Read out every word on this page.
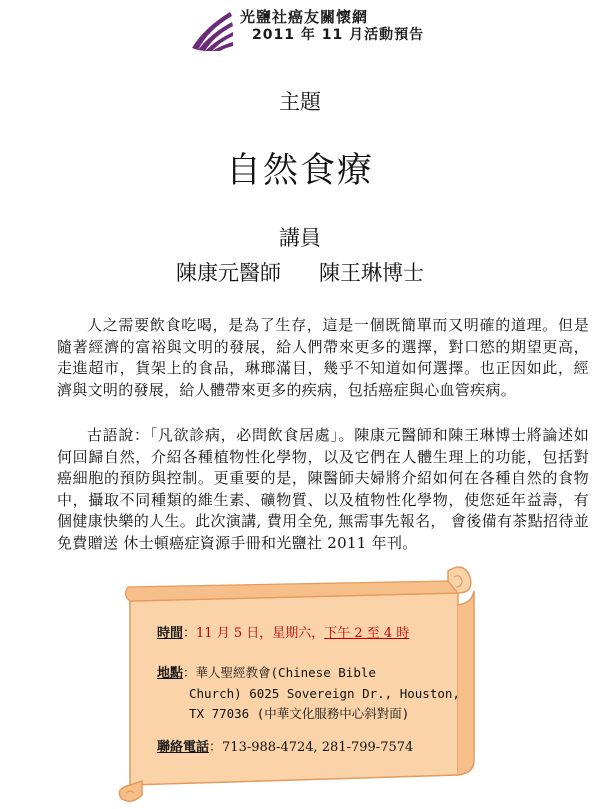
光鹽社癌友關懷網
2011 年 11 月活動預告
主題
自然食療
講員
陳康元醫師 陳王琳博士
人之需要飲食吃喝，是為了生存，這是一個既簡單而又明確的道理。但是隨著經濟的富裕與文明的發展，給人們帶來更多的選擇，對口慾的期望更高，走進超市，貨架上的食品，琳瑯滿目，幾乎不知道如何選擇。也正因如此，經濟與文明的發展，給人體帶來更多的疾病，包括癌症與心血管疾病。
古語說：「凡欲診病，必問飲食居處」。陳康元醫師和陳王琳博士將論述如何回歸自然，介紹各種植物性化學物，以及它們在人體生理上的功能，包括對癌細胞的預防與控制。更重要的是，陳醫師夫婦將介紹如何在各種自然的食物中，攝取不同種類的維生素、礦物質、以及植物性化學物，使您延年益壽，有個健康快樂的人生。此次演講, 費用全免, 無需事先報名， 會後備有茶點招待並免費贈送 休士頓癌症資源手冊和光鹽社 2011 年刊。
時間：11 月 5 日，星期六，下午 2 至 4 時
地點：華人聖經教會(Chinese Bible
Church) 6025 Sovereign Dr., Houston,
TX 77036 (中華文化服務中心斜對面)
聯絡電話：713-988-4724, 281-799-7574
